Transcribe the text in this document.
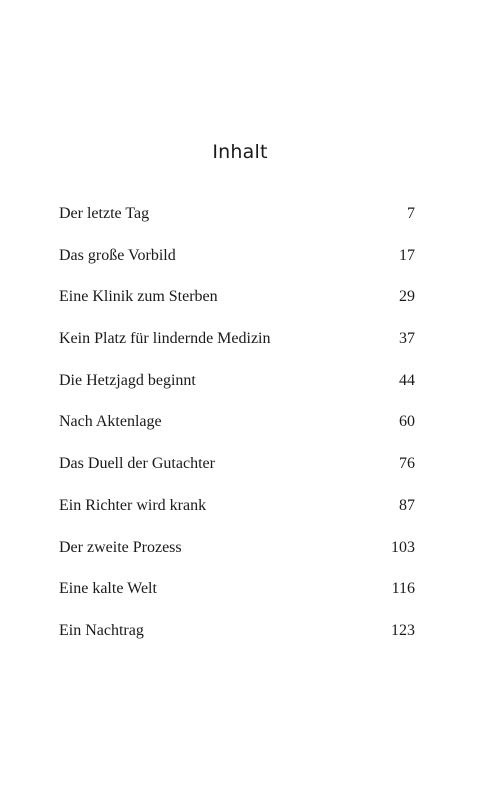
Inhalt
Der letzte Tag	7
Das große Vorbild	17
Eine Klinik zum Sterben	29
Kein Platz für lindernde Medizin	37
Die Hetzjagd beginnt	44
Nach Aktenlage	60
Das Duell der Gutachter	76
Ein Richter wird krank	87
Der zweite Prozess	103
Eine kalte Welt	116
Ein Nachtrag	123
